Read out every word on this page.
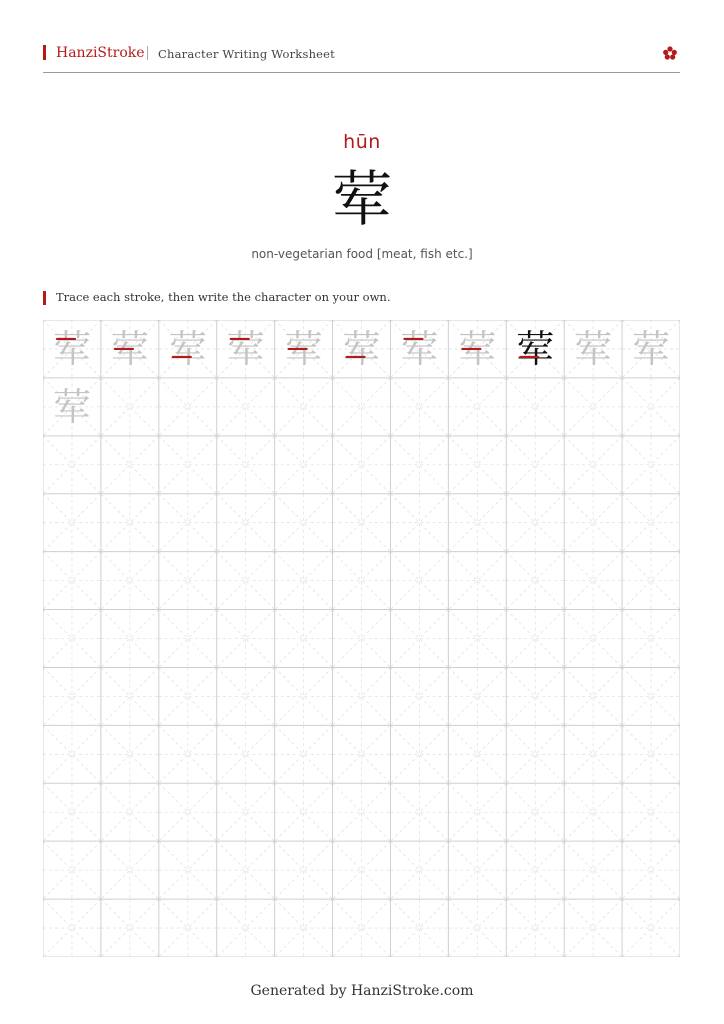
HanziStroke Character Writing Worksheet
hūn
荤
non-vegetarian food [meat, fish etc.]
Trace each stroke, then write the character on your own.
荤 荤 荤 荤 荤 荤 荤 荤 荤 荤 荤
荤
Generated by HanziStroke.com
